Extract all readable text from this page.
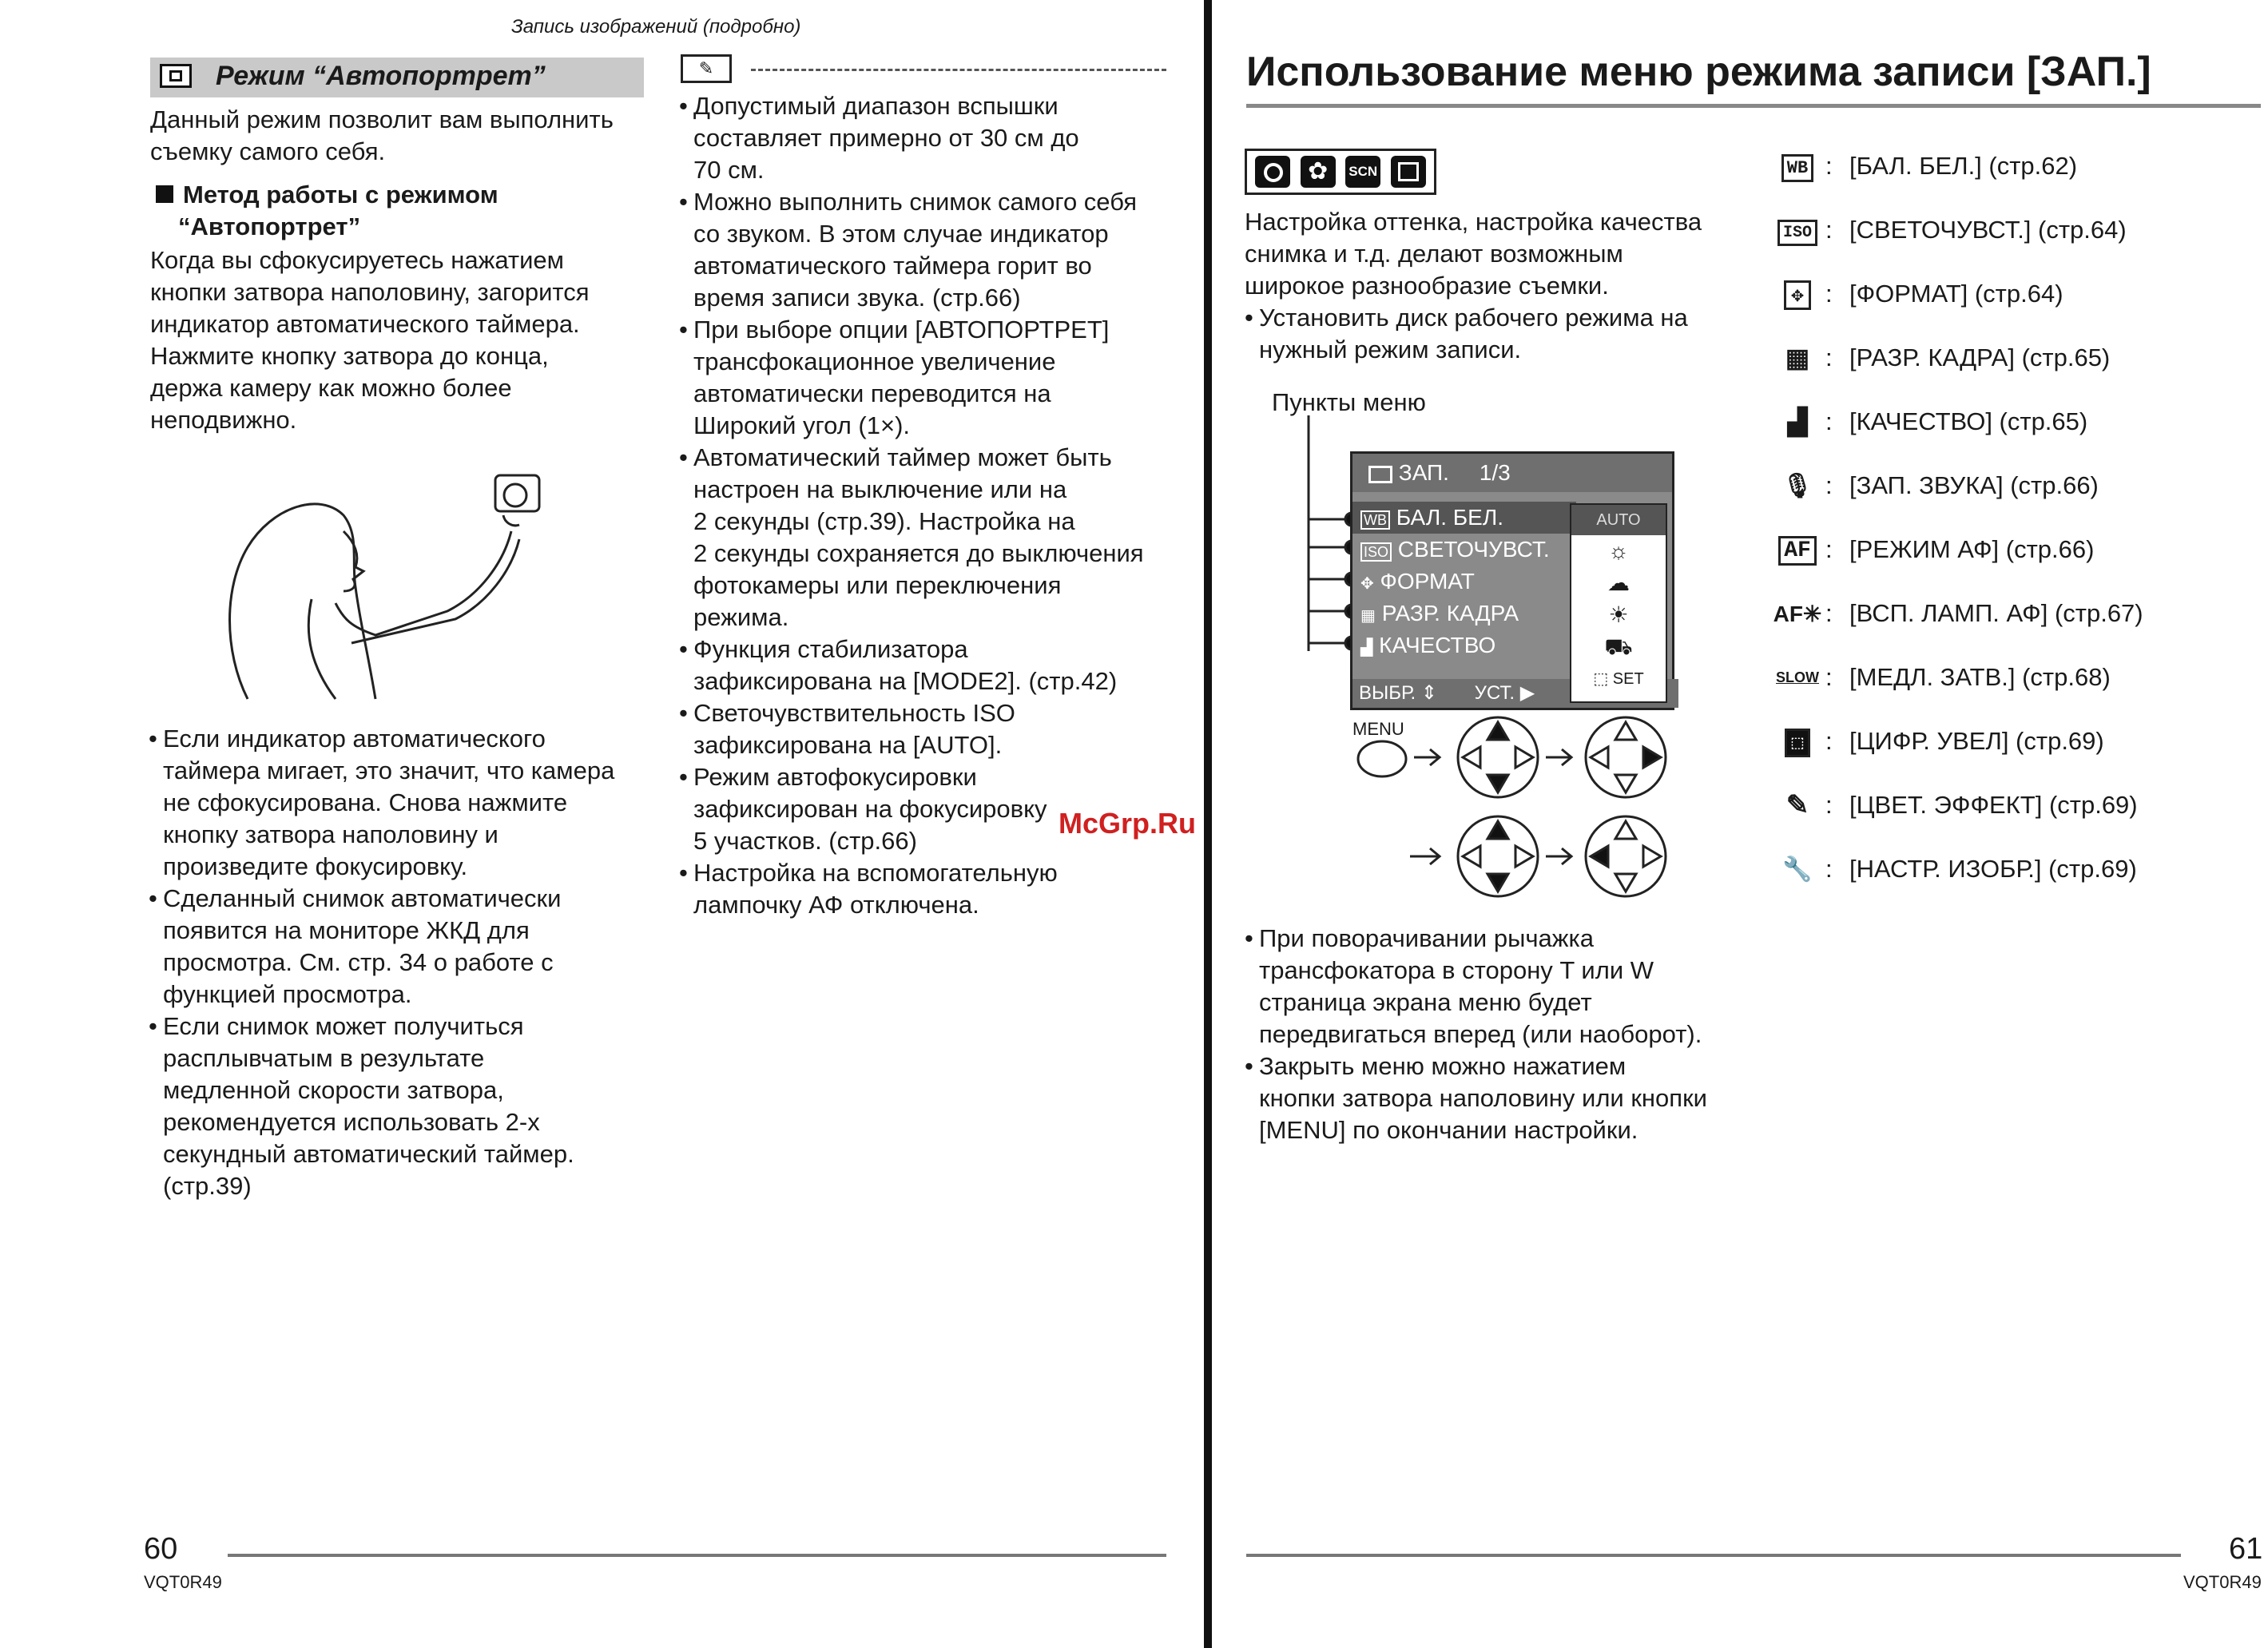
Запись изображений (подробно)
Режим “Автопортрет”
Данный режим позволит вам выполнить
съемку самого себя.
Метод работы с режимом
“Автопортрет”
Когда вы сфокусируетесь нажатием
кнопки затвора наполовину, загорится
индикатор автоматического таймера.
Нажмите кнопку затвора до конца,
держа камеру как можно более
неподвижно.
• Если индикатор автоматического
таймера мигает, это значит, что камера
не сфокусирована. Снова нажмите
кнопку затвора наполовину и
произведите фокусировку.
• Сделанный снимок автоматически
появится на мониторе ЖКД для
просмотра. См. стр. 34 о работе с
функцией просмотра.
• Если снимок может получиться
расплывчатым в результате
медленной скорости затвора,
рекомендуется использовать 2-х
секундный автоматический таймер.
(стр.39)
✎
• Допустимый диапазон вспышки
составляет примерно от 30 см до
70 см.
• Можно выполнить снимок самого себя
со звуком. В этом случае индикатор
автоматического таймера горит во
время записи звука. (стр.66)
• При выборе опции [АВТОПОРТРЕТ]
трансфокационное увеличение
автоматически переводится на
Широкий угол (1×).
• Автоматический таймер может быть
настроен на выключение или на
2 секунды (стр.39). Настройка на
2 секунды сохраняется до выключения
фотокамеры или переключения
режима.
• Функция стабилизатора
зафиксирована на [MODE2]. (стр.42)
• Светочувствительность ISO
зафиксирована на [AUTO].
• Режим автофокусировки
зафиксирован на фокусировку
5 участков. (стр.66)
• Настройка на вспомогательную
лампочку АФ отключена.
McGrp.Ru
60
VQT0R49
Использование меню режима записи [ЗАП.]
✿	SCN
Настройка оттенка, настройка качества
снимка и т.д. делают возможным
широкое разнообразие съемки.
• Установить диск рабочего режима на
нужный режим записи.
Пункты меню
ЗАП. 1/3
WB БАЛ. БЕЛ.
ISO СВЕТОЧУВСТ.
✥ ФОРМАТ
▦ РАЗР. КАДРА
▟ КАЧЕСТВО
ВЫБР. ⇕ УСТ. ▶
AUTO
☼
☁
☀
⛟
⬚ SET
MENU
• При поворачивании рычажка
трансфокатора в сторону T или W
страница экрана меню будет
передвигаться вперед (или наоборот).
• Закрыть меню можно нажатием
кнопки затвора наполовину или кнопки
[MENU] по окончании настройки.
WB : [БАЛ. БЕЛ.] (стр.62)
ISO : [СВЕТОЧУВСТ.] (стр.64)
✥ : [ФОРМАТ] (стр.64)
▦ : [РАЗР. КАДРА] (стр.65)
▟ : [КАЧЕСТВО] (стр.65)
🎙 : [ЗАП. ЗВУКА] (стр.66)
AF : [РЕЖИМ АФ] (стр.66)
AF✳ : [ВСП. ЛАМП. АФ] (стр.67)
SLOW : [МЕДЛ. ЗАТВ.] (стр.68)
⬚ : [ЦИФР. УВЕЛ] (стр.69)
✎ : [ЦВЕТ. ЭФФЕКТ] (стр.69)
🔧 : [НАСТР. ИЗОБР.] (стр.69)
61
VQT0R49
